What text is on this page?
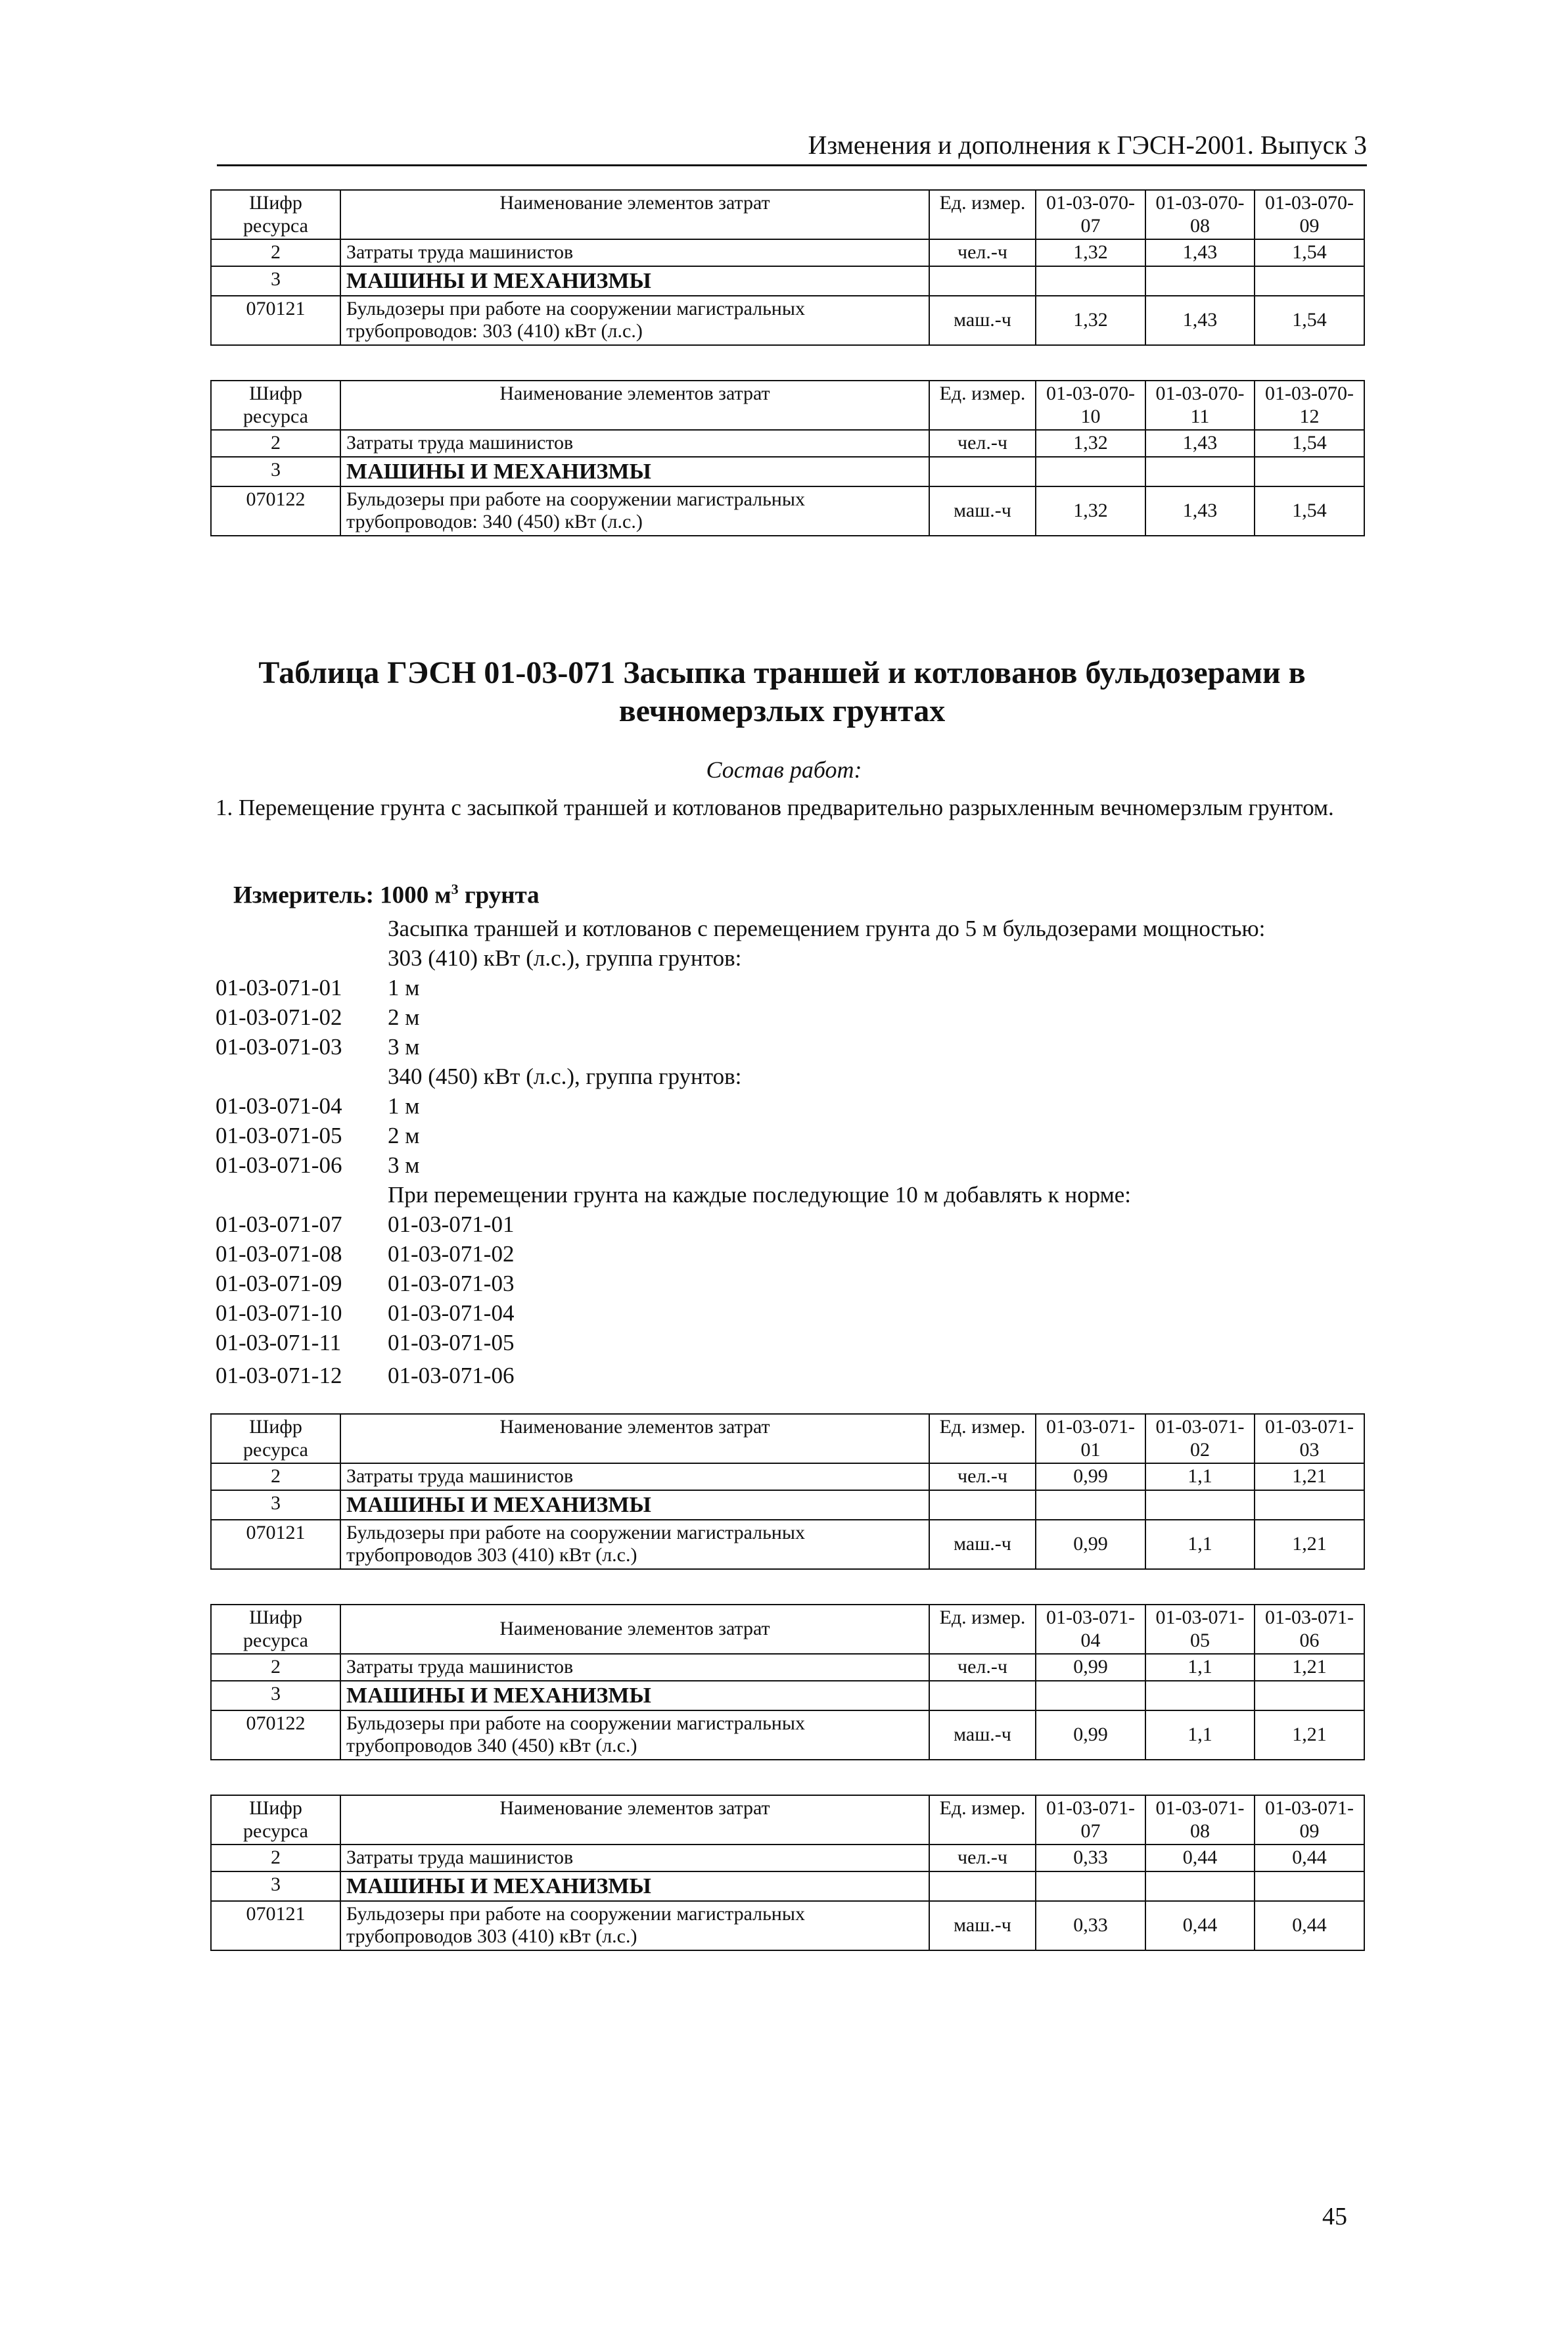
Изменения и дополнения к ГЭСН-2001. Выпуск 3
Шифр ресурса	Наименование элементов затрат	Ед. измер.	01-03-070-07	01-03-070-08	01-03-070-09
2	Затраты труда машинистов	чел.-ч	1,32	1,43	1,54
3	МАШИНЫ И МЕХАНИЗМЫ				
070121	Бульдозеры при работе на сооружении магистральных трубопроводов: 303 (410) кВт (л.с.)	маш.-ч	1,32	1,43	1,54
Шифр ресурса	Наименование элементов затрат	Ед. измер.	01-03-070-10	01-03-070-11	01-03-070-12
2	Затраты труда машинистов	чел.-ч	1,32	1,43	1,54
3	МАШИНЫ И МЕХАНИЗМЫ				
070122	Бульдозеры при работе на сооружении магистральных трубопроводов: 340 (450) кВт (л.с.)	маш.-ч	1,32	1,43	1,54
Таблица ГЭСН 01-03-071 Засыпка траншей и котлованов бульдозерами в
вечномерзлых грунтах
Состав работ:
1. Перемещение грунта с засыпкой траншей и котлованов предварительно разрыхленным вечномерзлым грунтом.
Измеритель: 1000 $м^3$ грунта
Засыпка траншей и котлованов с перемещением грунта до 5 м бульдозерами мощностью:
303 (410) кВт (л.с.), группа грунтов:
01-03-071-01 1 м
01-03-071-02 2 м
01-03-071-03 3 м
340 (450) кВт (л.с.), группа грунтов:
01-03-071-04 1 м
01-03-071-05 2 м
01-03-071-06 3 м
При перемещении грунта на каждые последующие 10 м добавлять к норме:
01-03-071-07 01-03-071-01
01-03-071-08 01-03-071-02
01-03-071-09 01-03-071-03
01-03-071-10 01-03-071-04
01-03-071-11 01-03-071-05
01-03-071-12 01-03-071-06
Шифр ресурса	Наименование элементов затрат	Ед. измер.	01-03-071-01	01-03-071-02	01-03-071-03
2	Затраты труда машинистов	чел.-ч	0,99	1,1	1,21
3	МАШИНЫ И МЕХАНИЗМЫ				
070121	Бульдозеры при работе на сооружении магистральных трубопроводов 303 (410) кВт (л.с.)	маш.-ч	0,99	1,1	1,21
Шифр ресурса	Наименование элементов затрат	Ед. измер.	01-03-071-04	01-03-071-05	01-03-071-06
2	Затраты труда машинистов	чел.-ч	0,99	1,1	1,21
3	МАШИНЫ И МЕХАНИЗМЫ				
070122	Бульдозеры при работе на сооружении магистральных трубопроводов 340 (450) кВт (л.с.)	маш.-ч	0,99	1,1	1,21
Шифр ресурса	Наименование элементов затрат	Ед. измер.	01-03-071-07	01-03-071-08	01-03-071-09
2	Затраты труда машинистов	чел.-ч	0,33	0,44	0,44
3	МАШИНЫ И МЕХАНИЗМЫ				
070121	Бульдозеры при работе на сооружении магистральных трубопроводов 303 (410) кВт (л.с.)	маш.-ч	0,33	0,44	0,44
45
